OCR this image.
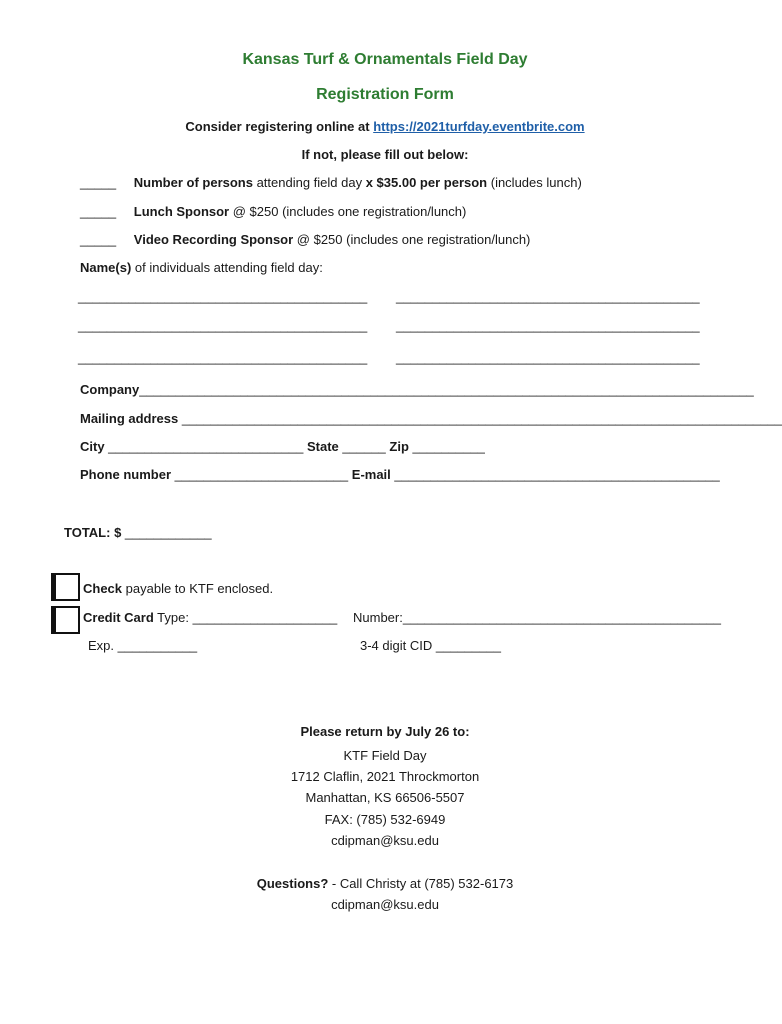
Kansas Turf & Ornamentals Field Day
Registration Form
Consider registering online at https://2021turfday.eventbrite.com
If not, please fill out below:
_____ Number of persons attending field day x $35.00 per person (includes lunch)
_____ Lunch Sponsor @ $250 (includes one registration/lunch)
_____ Video Recording Sponsor @ $250 (includes one registration/lunch)
Name(s) of individuals attending field day:
________________________________________ __________________________________________
________________________________________ __________________________________________
________________________________________ __________________________________________
Company_____________________________________________________________________________________
Mailing address ___________________________________________________________________________________
City ___________________________ State ______ Zip __________
Phone number ________________________ E-mail _____________________________________________
TOTAL: $ ____________
Check payable to KTF enclosed.
Credit Card Type: ____________________ Number:____________________________________________
Exp. ___________	3-4 digit CID _________
Please return by July 26 to:
KTF Field Day
1712 Claflin, 2021 Throckmorton
Manhattan, KS 66506-5507
FAX: (785) 532-6949
cdipman@ksu.edu
Questions? - Call Christy at (785) 532-6173
cdipman@ksu.edu
